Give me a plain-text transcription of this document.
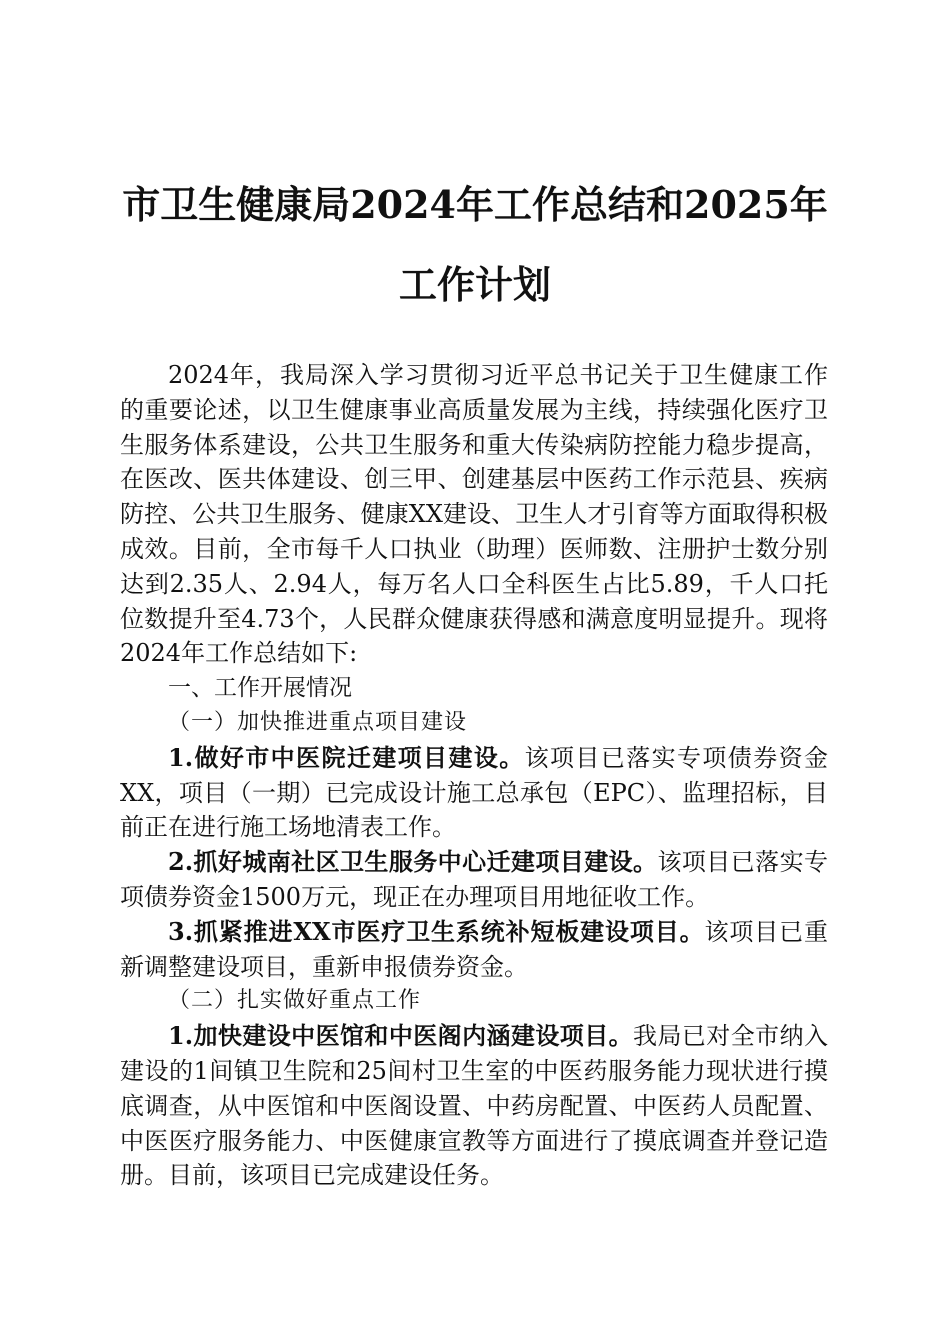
市卫生健康局2024年工作总结和2025年工作计划

2024年，我局深入学习贯彻习近平总书记关于卫生健康工作的重要论述，以卫生健康事业高质量发展为主线，持续强化医疗卫生服务体系建设，公共卫生服务和重大传染病防控能力稳步提高，在医改、医共体建设、创三甲、创建基层中医药工作示范县、疾病防控、公共卫生服务、健康XX建设、卫生人才引育等方面取得积极成效。目前，全市每千人口执业（助理）医师数、注册护士数分别达到2.35人、2.94人，每万名人口全科医生占比5.89，千人口托位数提升至4.73个，人民群众健康获得感和满意度明显提升。现将2024年工作总结如下:

一、工作开展情况

（一）加快推进重点项目建设

1.做好市中医院迁建项目建设。该项目已落实专项债券资金XX，项目（一期）已完成设计施工总承包（EPC）、监理招标，目前正在进行施工场地清表工作。

2.抓好城南社区卫生服务中心迁建项目建设。该项目已落实专项债券资金1500万元，现正在办理项目用地征收工作。

3.抓紧推进XX市医疗卫生系统补短板建设项目。该项目已重新调整建设项目，重新申报债券资金。

（二）扎实做好重点工作

1.加快建设中医馆和中医阁内涵建设项目。我局已对全市纳入建设的1间镇卫生院和25间村卫生室的中医药服务能力现状进行摸底调查，从中医馆和中医阁设置、中药房配置、中医药人员配置、中医医疗服务能力、中医健康宣教等方面进行了摸底调查并登记造册。目前，该项目已完成建设任务。
